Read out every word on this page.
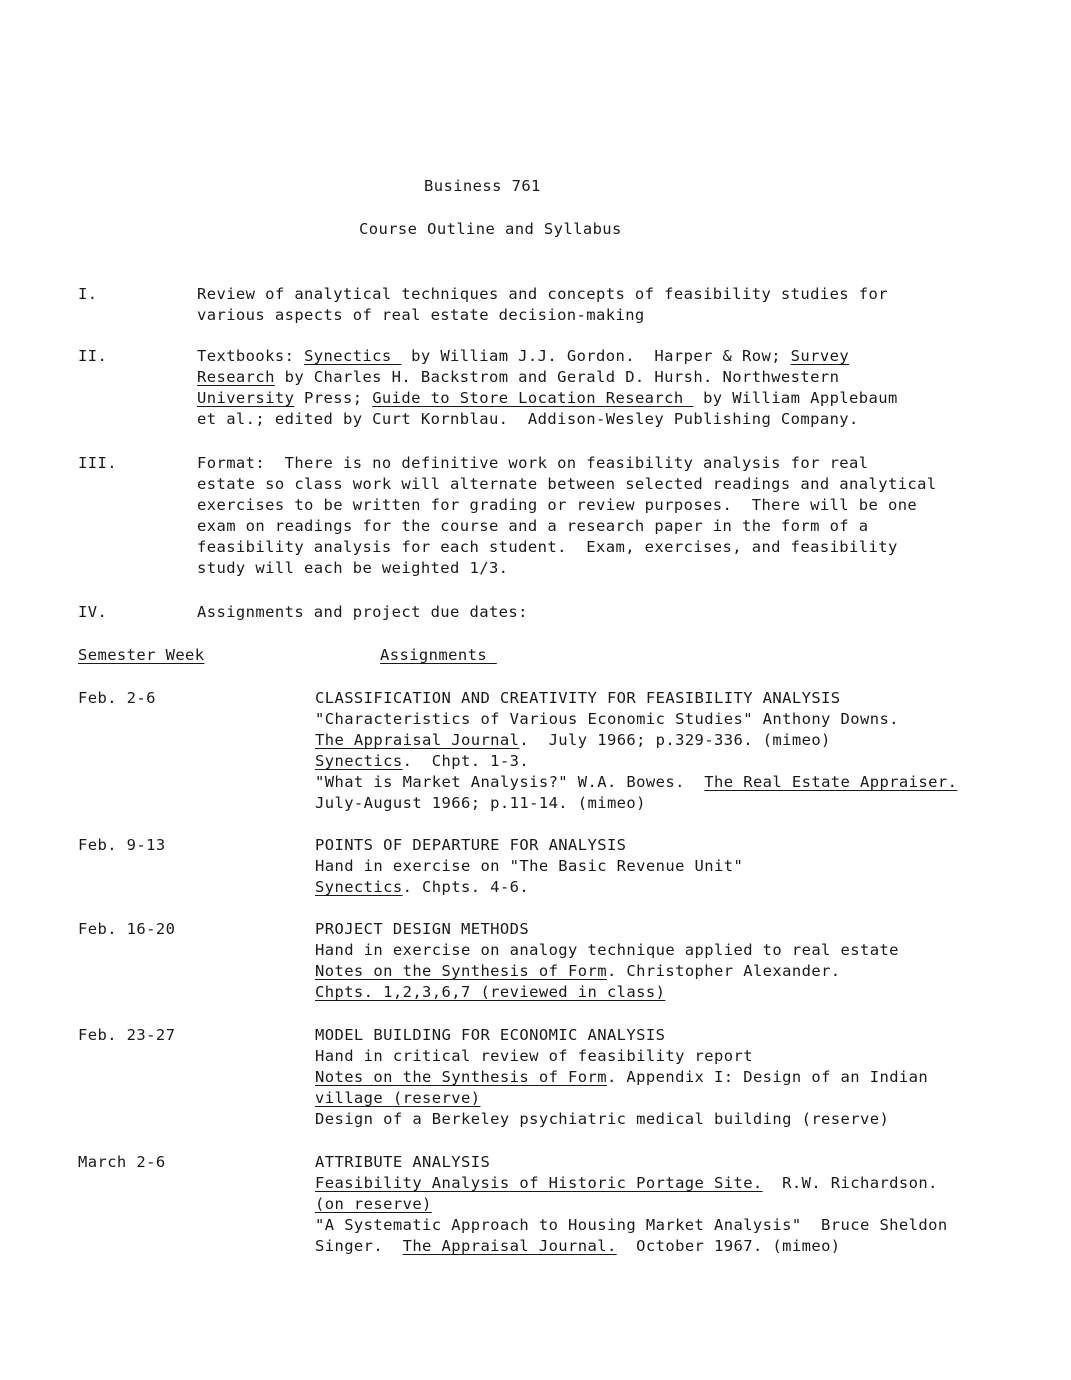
Business 761
Course Outline and Syllabus
I.	Review of analytical techniques and concepts of feasibility studies for
various aspects of real estate decision-making
II.	Textbooks: Synectics  by William J.J. Gordon.  Harper & Row; Survey
Research by Charles H. Backstrom and Gerald D. Hursh. Northwestern
University Press; Guide to Store Location Research  by William Applebaum
et al.; edited by Curt Kornblau.  Addison-Wesley Publishing Company.
III.	Format:  There is no definitive work on feasibility analysis for real
estate so class work will alternate between selected readings and analytical
exercises to be written for grading or review purposes.  There will be one
exam on readings for the course and a research paper in the form of a
feasibility analysis for each student.  Exam, exercises, and feasibility
study will each be weighted 1/3.
IV.	Assignments and project due dates:
Semester Week	Assignments
Feb. 2-6	CLASSIFICATION AND CREATIVITY FOR FEASIBILITY ANALYSIS
"Characteristics of Various Economic Studies" Anthony Downs.
The Appraisal Journal.  July 1966; p.329-336. (mimeo)
Synectics.  Chpt. 1-3.
"What is Market Analysis?" W.A. Bowes.  The Real Estate Appraiser.
July-August 1966; p.11-14. (mimeo)
Feb. 9-13	POINTS OF DEPARTURE FOR ANALYSIS
Hand in exercise on "The Basic Revenue Unit"
Synectics. Chpts. 4-6.
Feb. 16-20	PROJECT DESIGN METHODS
Hand in exercise on analogy technique applied to real estate
Notes on the Synthesis of Form. Christopher Alexander.
Chpts. 1,2,3,6,7 (reviewed in class)
Feb. 23-27	MODEL BUILDING FOR ECONOMIC ANALYSIS
Hand in critical review of feasibility report
Notes on the Synthesis of Form. Appendix I: Design of an Indian
village (reserve)
Design of a Berkeley psychiatric medical building (reserve)
March 2-6	ATTRIBUTE ANALYSIS
Feasibility Analysis of Historic Portage Site.  R.W. Richardson.
(on reserve)
"A Systematic Approach to Housing Market Analysis"  Bruce Sheldon
Singer.  The Appraisal Journal.  October 1967. (mimeo)
